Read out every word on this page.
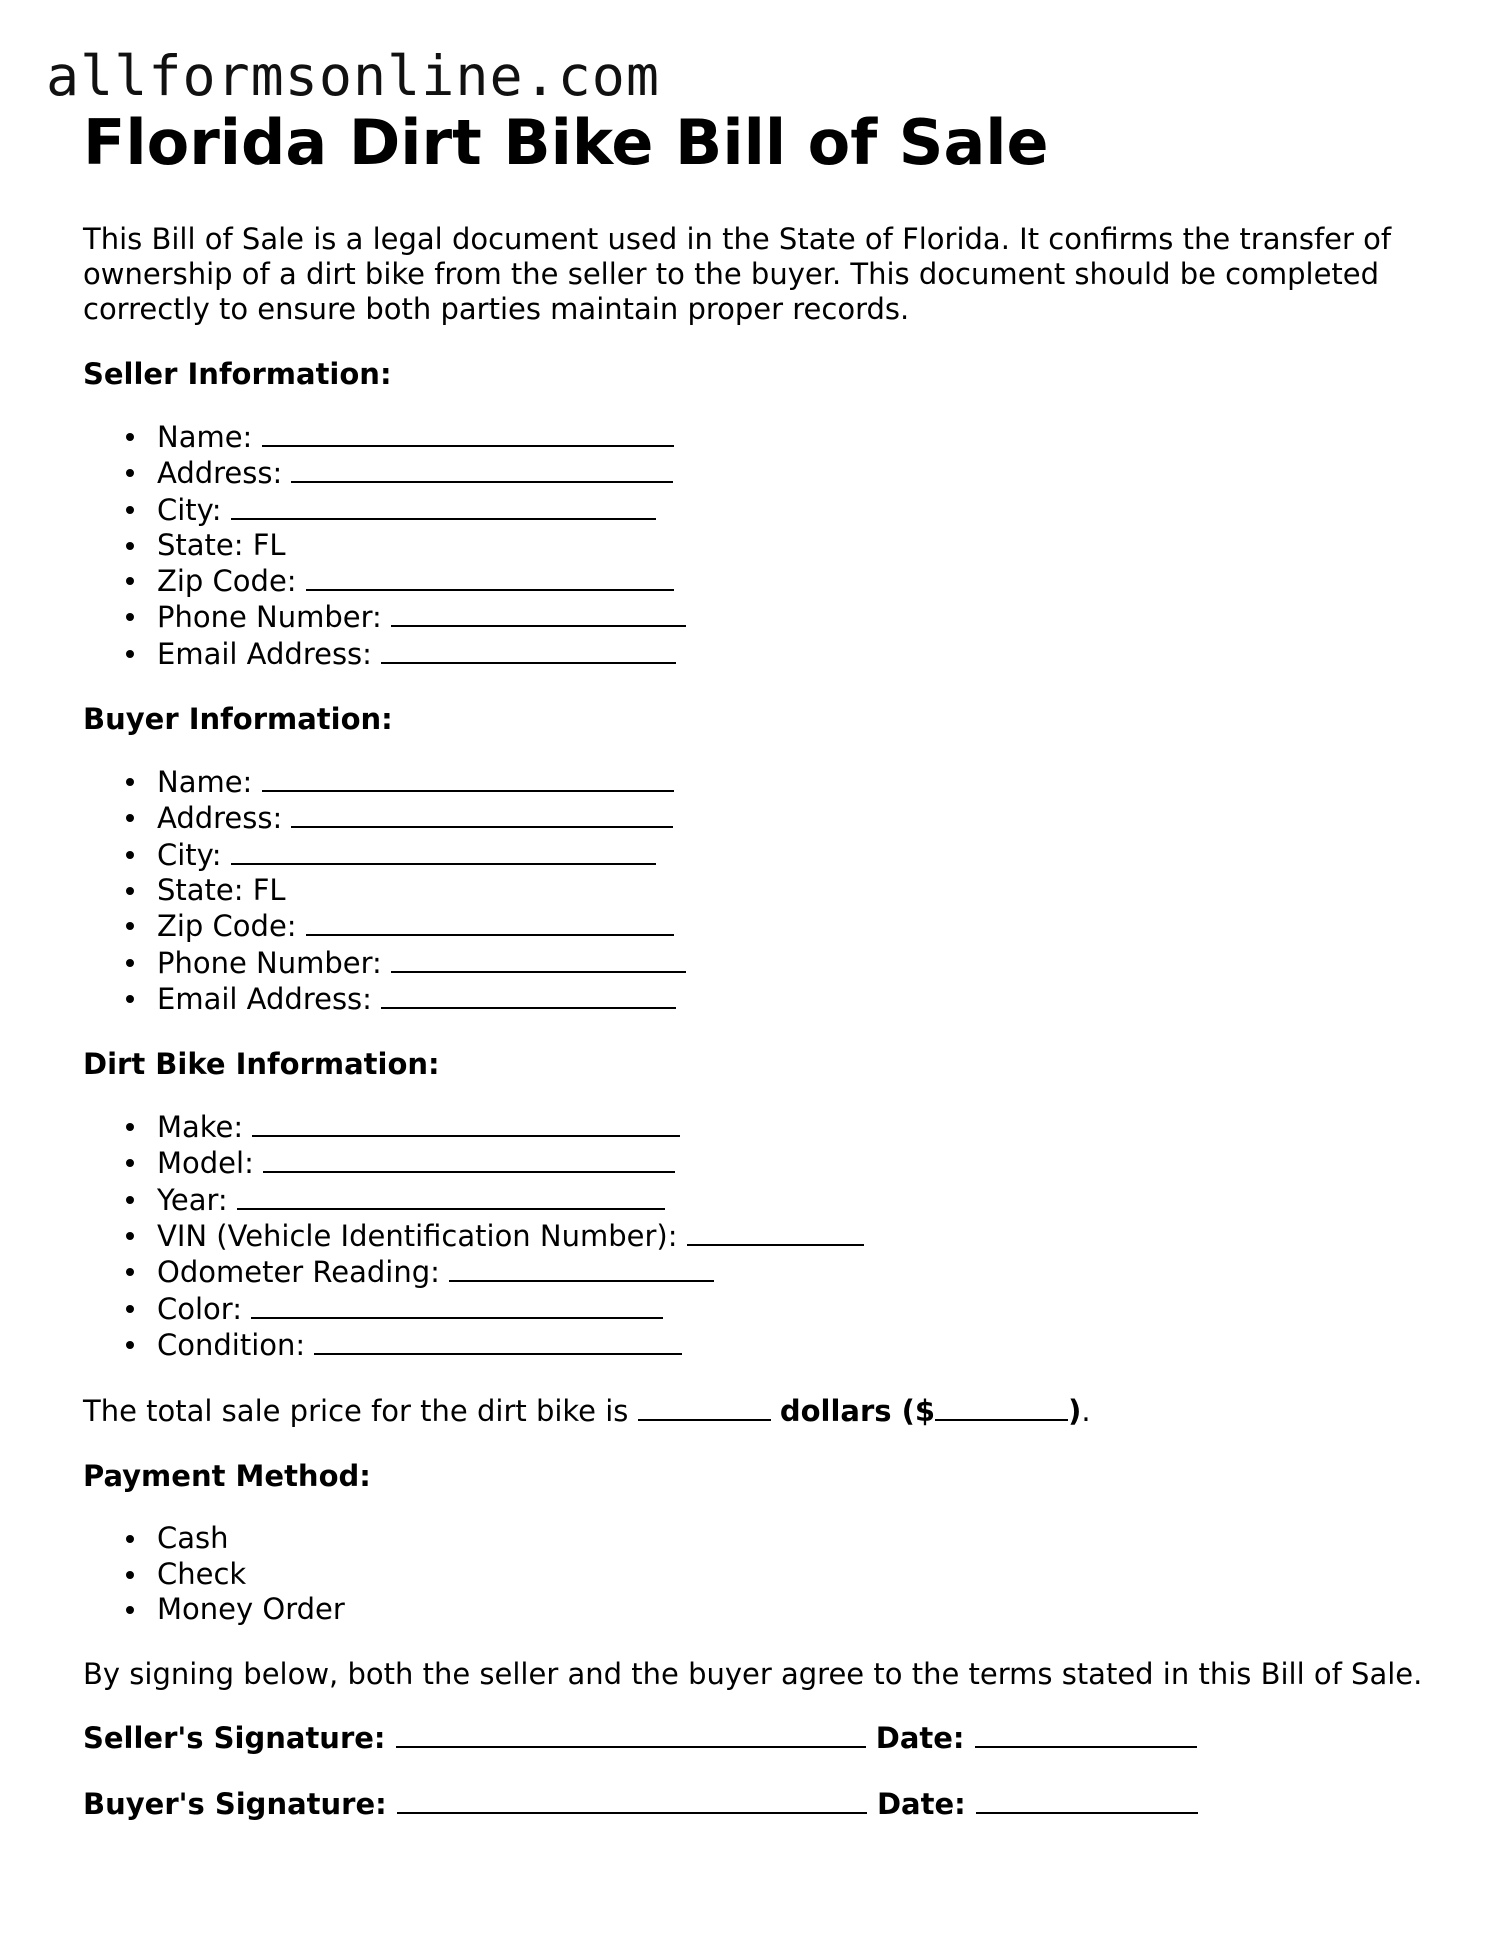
allformsonline.com
Florida Dirt Bike Bill of Sale

This Bill of Sale is a legal document used in the State of Florida. It confirms the transfer of ownership of a dirt bike from the seller to the buyer. This document should be completed correctly to ensure both parties maintain proper records.

Seller Information:
Name:
Address:
City:
State: FL
Zip Code:
Phone Number:
Email Address:
Buyer Information:
Name:
Address:
City:
State: FL
Zip Code:
Phone Number:
Email Address:
Dirt Bike Information:
Make:
Model:
Year:
VIN (Vehicle Identification Number):
Odometer Reading:
Color:
Condition:

The total sale price for the dirt bike is	dollars ($	).

Payment Method:
Cash
Check
Money Order

By signing below, both the seller and the buyer agree to the terms stated in this Bill of Sale.

Seller's Signature:	Date:
Buyer's Signature:	Date:
